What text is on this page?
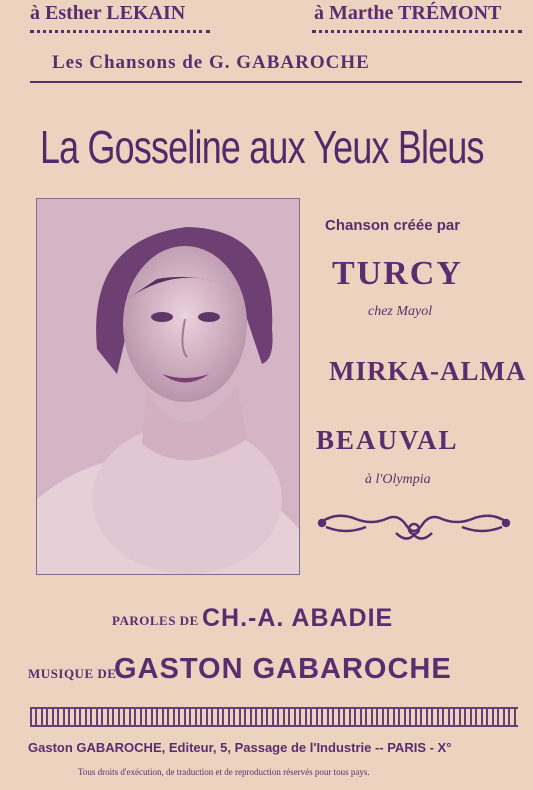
à Esther LEKAIN	à Marthe TRÉMONT
Les Chansons de G. GABAROCHE
La Gosseline aux Yeux Bleus
Chanson créée par
TURCY
chez Mayol
MIRKA-ALMA
BEAUVAL
à l'Olympia
PAROLES DE CH.-A. ABADIE
MUSIQUE DE
GASTON GABAROCHE
Gaston GABAROCHE, Editeur, 5, Passage de l'Industrie -- PARIS - X°
Tous droits d'exécution, de traduction et de reproduction réservés pour tous pays.
